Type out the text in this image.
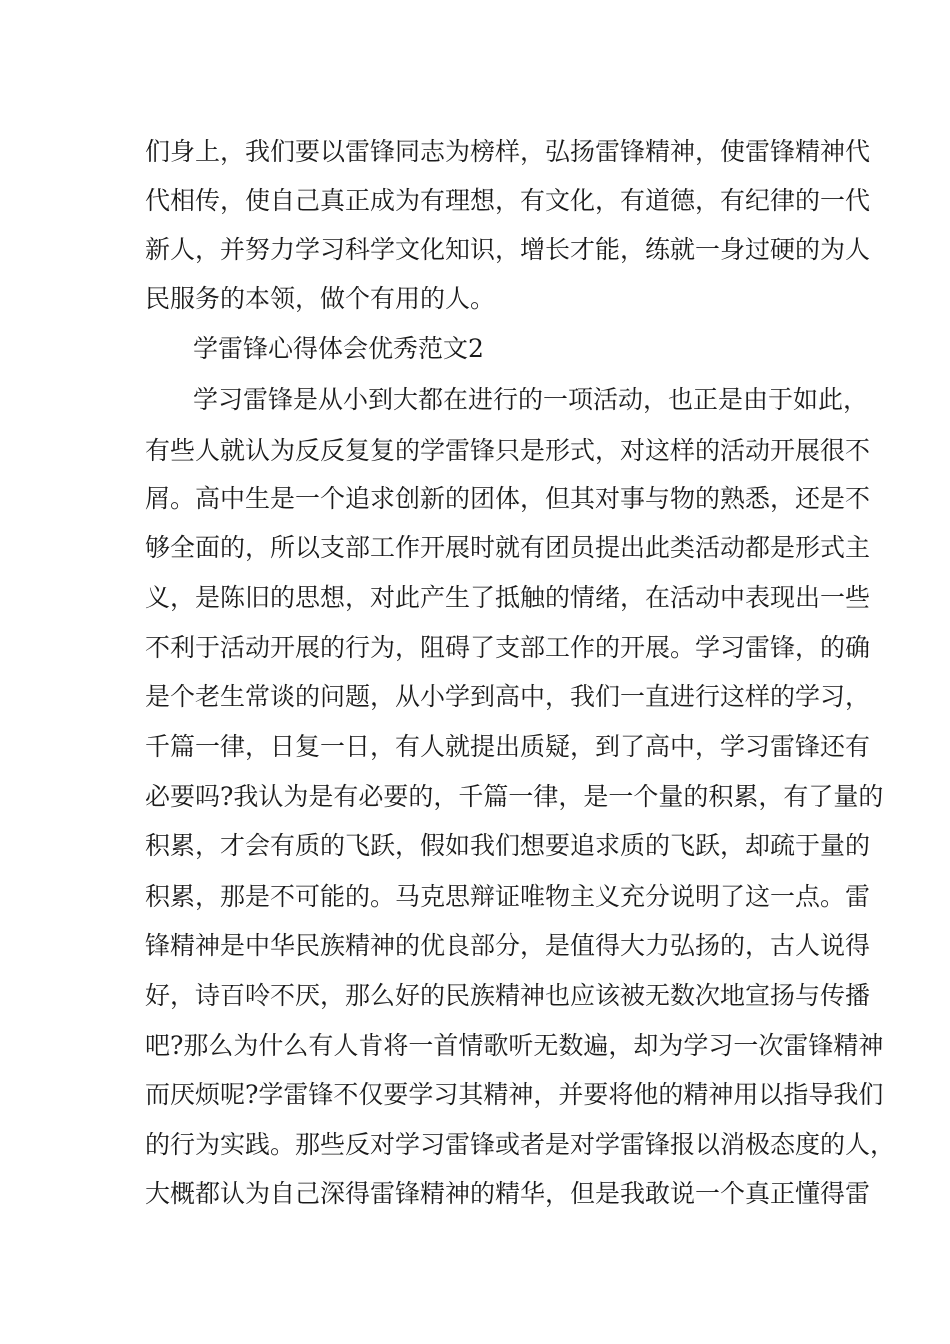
们身上，我们要以雷锋同志为榜样，弘扬雷锋精神，使雷锋精神代

代相传，使自己真正成为有理想，有文化，有道德，有纪律的一代

新人，并努力学习科学文化知识，增长才能，练就一身过硬的为人

民服务的本领，做个有用的人。

学雷锋心得体会优秀范文2

学习雷锋是从小到大都在进行的一项活动，也正是由于如此，

有些人就认为反反复复的学雷锋只是形式，对这样的活动开展很不

屑。高中生是一个追求创新的团体，但其对事与物的熟悉，还是不

够全面的，所以支部工作开展时就有团员提出此类活动都是形式主

义，是陈旧的思想，对此产生了抵触的情绪，在活动中表现出一些

不利于活动开展的行为，阻碍了支部工作的开展。学习雷锋，的确

是个老生常谈的问题，从小学到高中，我们一直进行这样的学习，

千篇一律，日复一日，有人就提出质疑，到了高中，学习雷锋还有

必要吗?我认为是有必要的，千篇一律，是一个量的积累，有了量的

积累，才会有质的飞跃，假如我们想要追求质的飞跃，却疏于量的

积累，那是不可能的。马克思辩证唯物主义充分说明了这一点。雷

锋精神是中华民族精神的优良部分，是值得大力弘扬的，古人说得

好，诗百呤不厌，那么好的民族精神也应该被无数次地宣扬与传播

吧?那么为什么有人肯将一首情歌听无数遍，却为学习一次雷锋精神

而厌烦呢?学雷锋不仅要学习其精神，并要将他的精神用以指导我们

的行为实践。那些反对学习雷锋或者是对学雷锋报以消极态度的人，

大概都认为自己深得雷锋精神的精华，但是我敢说一个真正懂得雷
